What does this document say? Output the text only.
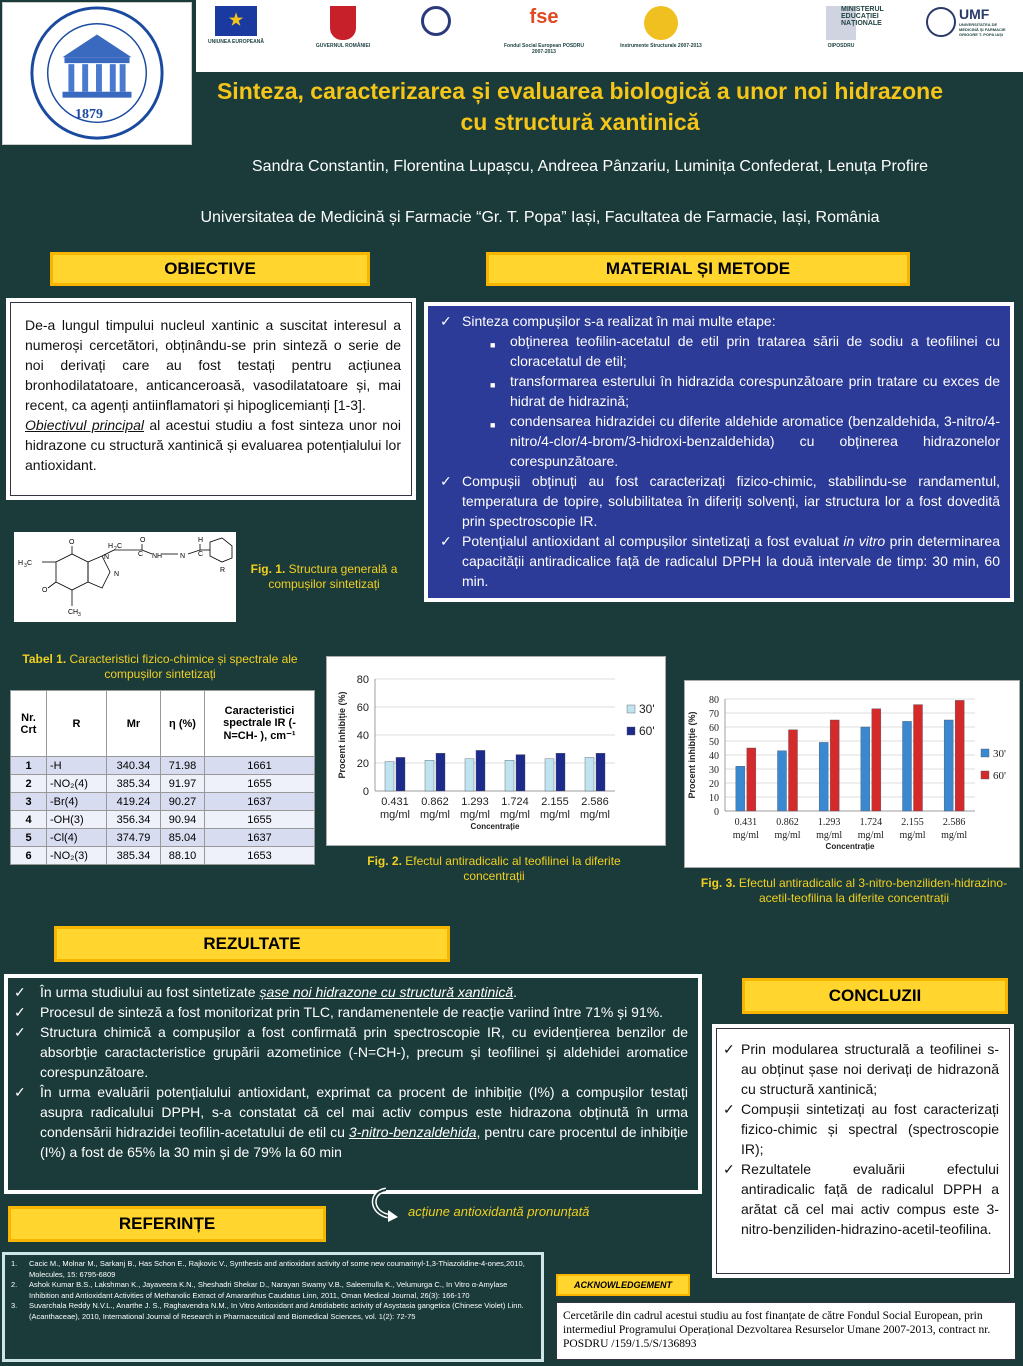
1879
★
UNIUNEA EUROPEANĂ
GUVERNUL ROMÂNIEI
fse
Fondul Social European POSDRU 2007-2013
Instrumente Structurale 2007-2013	OIPOSDRU
MINISTERUL EDUCAȚIEI NAȚIONALE
UMF
UNIVERSITATEA DE MEDICINĂ ȘI FARMACIE GRIGORE T. POPA IAȘI
Sinteza, caracterizarea și evaluarea biologică a unor noi hidrazone cu structură xantinică
Sandra Constantin, Florentina Lupașcu, Andreea Pânzariu, Luminița Confederat, Lenuța Profire
Universitatea de Medicină și Farmacie “Gr. T. Popa” Iași, Facultatea de Farmacie, Iași, România
OBIECTIVE

De-a lungul timpului nucleul xantinic a suscitat interesul a numeroși cercetători, obținându-se prin sinteză o serie de noi derivați care au fost testați pentru acțiunea bronhodilatatoare, anticanceroasă, vasodilatatoare și, mai recent, ca agenți antiinflamatori și hipoglicemianți [1-3].

Obiectivul principal al acestui studiu a fost sinteza unor noi hidrazone cu structură xantinică și evaluarea potențialului lor antioxidant.

MATERIAL ȘI METODE
✓ Sinteza compușilor s-a realizat în mai multe etape:
■	obținerea teofilin-acetatul de etil prin tratarea sării de sodiu a teofilinei cu cloracetatul de etil;
■	transformarea esterului în hidrazida corespunzătoare prin tratare cu exces de hidrat de hidrazină;
■	condensarea hidrazidei cu diferite aldehide aromatice (benzaldehida, 3-nitro/4-nitro/4-clor/4-brom/3-hidroxi-benzaldehida) cu obținerea hidrazonelor corespunzătoare.
✓ Compușii obținuți au fost caracterizați fizico-chimic, stabilindu-se randamentul, temperatura de topire, solubilitatea în diferiți solvenți, iar structura lor a fost dovedită prin spectroscopie IR.
✓ Potențialul antioxidant al compușilor sintetizați a fost evaluat in vitro prin determinarea capacității antiradicalice față de radicalul DPPH la două intervale de timp: 30 min, 60 min.
O
O
CH 3
H 3 C
N
N
H 2 C
O
C NH	N
H
C
R	Fig. 1. Structura generală a compușilor sintetizați
Tabel 1. Caracteristici fizico-chimice și spectrale ale compușilor sintetizați
Nr. Crt	R	Mr	η (%)	Caracteristici spectrale IR (-N=CH- ), cm⁻¹
1	-H	340.34	71.98	1661
2	-NO₂(4)	385.34	91.97	1655
3	-Br(4)	419.24	90.27	1637
4	-OH(3)	356.34	90.94	1655
5	-Cl(4)	374.79	85.04	1637
6	-NO₂(3)	385.34	88.10	1653
0
20
40
60
80
0.431
mg/ml
0.862
mg/ml
1.293
mg/ml
1.724
mg/ml
2.155
mg/ml
2.586
mg/ml
Concentrație
Procent inhibiție (%)	30'
60'
Fig. 2. Efectul antiradicalic al teofilinei la diferite concentrații
0
10
20
30
40
50
60
70
80
0.431
mg/ml
0.862
mg/ml
1.293
mg/ml
1.724
mg/ml
2.155
mg/ml
2.586
mg/ml
Concentrație
Procent inhibiție (%)	30'
60'
Fig. 3. Efectul antiradicalic al 3-nitro-benziliden-hidrazino-acetil-teofilina la diferite concentrații
REZULTATE
✓	În urma studiului au fost sintetizate șase noi hidrazone cu structură xantinică.
✓	Procesul de sinteză a fost monitorizat prin TLC, randamenentele de reacție variind între 71% și 91%.
✓	Structura chimică a compușilor a fost confirmată prin spectroscopie IR, cu evidențierea benzilor de absorbție caractacteristice grupării azometinice (-N=CH-), precum și teofilinei și aldehidei aromatice corespunzătoare.
✓	În urma evaluării potențialului antioxidant, exprimat ca procent de inhibiție (I%) a compușilor testați asupra radicalului DPPH, s-a constatat că cel mai activ compus este hidrazona obținută în urma condensării hidrazidei teofilin-acetatului de etil cu 3-nitro-benzaldehida, pentru care procentul de inhibiție (I%) a fost de 65% la 30 min și de 79% la 60 min
acțiune antioxidantă pronunțată
CONCLUZII
✓ Prin modularea structurală a teofilinei s-au obținut șase noi derivați de hidrazonă cu structură xantinică;
✓ Compușii sintetizați au fost caracterizați fizico-chimic și spectral (spectroscopie IR);
✓ Rezultatele evaluării efectului antiradicalic față de radicalul DPPH a arătat că cel mai activ compus este 3-nitro-benziliden-hidrazino-acetil-teofilina.
REFERINȚE
1.	Cacic M., Molnar M., Sarkanj B., Has Schon E., Rajkovic V., Synthesis and antioxidant activity of some new coumarinyl-1,3-Thiazolidine-4-ones,2010, Molecules, 15: 6795-6809
2.	Ashok Kumar B.S., Lakshman K., Jayaveera K.N., Sheshadri Shekar D., Narayan Swamy V.B., Saleemulla K., Velumurga C., In Vitro α-Amylase Inhibition and Antioxidant Activities of Methanolic Extract of Amaranthus Caudatus Linn, 2011, Oman Medical Journal, 26(3): 166-170
3.	Suvarchala Reddy N.V.L., Anarthe J. S., Raghavendra N.M., In Vitro Antioxidant and Antidiabetic activity of Asystasia gangetica (Chinese Violet) Linn. (Acanthaceae), 2010, International Journal of Research in Pharmaceutical and Biomedical Sciences, vol. 1(2): 72-75
ACKNOWLEDGEMENT
Cercetările din cadrul acestui studiu au fost finanțate de către Fondul Social European, prin intermediul Programului Operațional Dezvoltarea Resurselor Umane 2007-2013, contract nr. POSDRU /159/1.5/S/136893
